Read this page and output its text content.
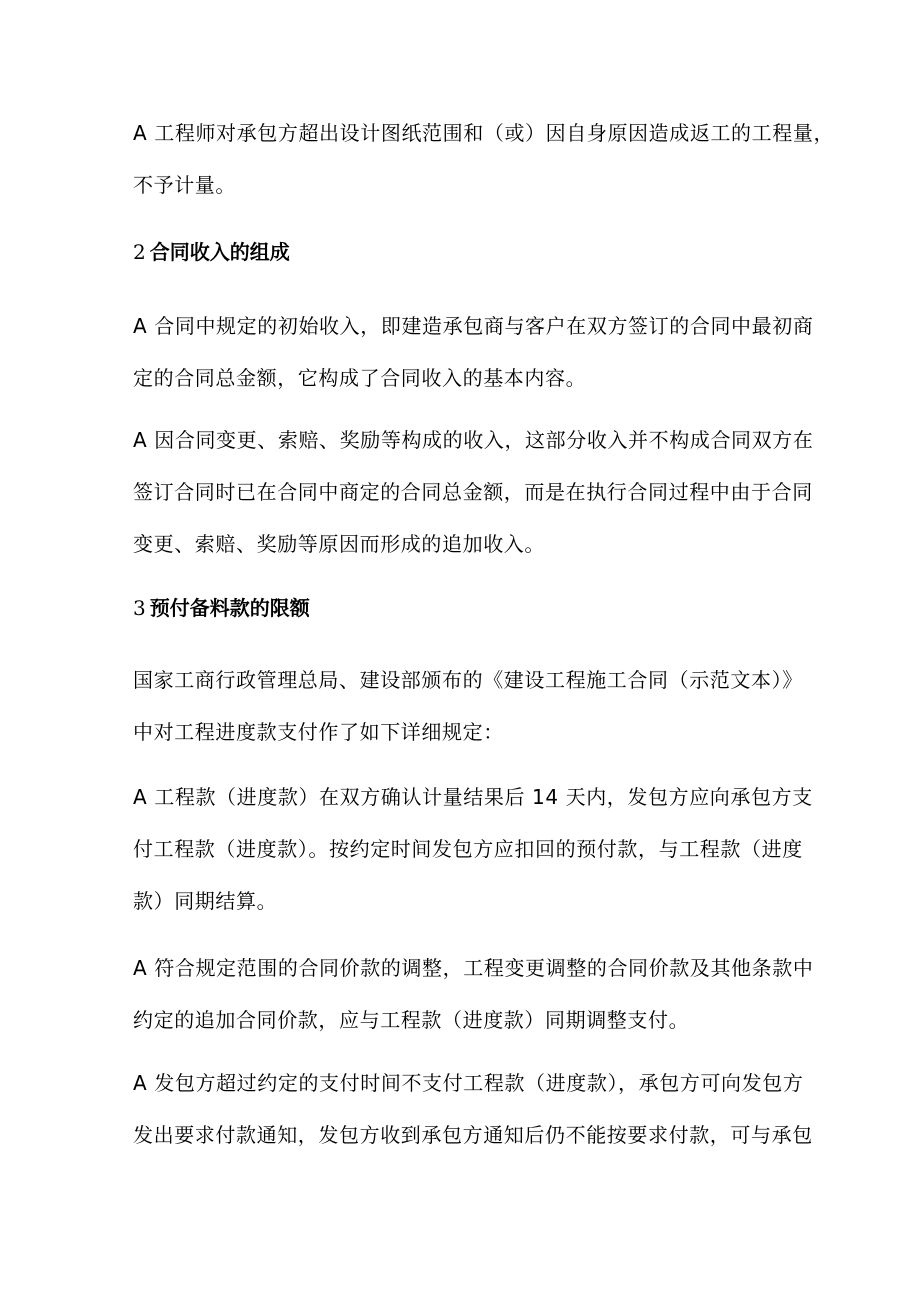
A 工程师对承包方超出设计图纸范围和（或）因自身原因造成返工的工程量，
不予计量。

2 合同收入的组成

A 合同中规定的初始收入，即建造承包商与客户在双方签订的合同中最初商
定的合同总金额，它构成了合同收入的基本内容。

A 因合同变更、索赔、奖励等构成的收入，这部分收入并不构成合同双方在
签订合同时已在合同中商定的合同总金额，而是在执行合同过程中由于合同
变更、索赔、奖励等原因而形成的追加收入。

3 预付备料款的限额

国家工商行政管理总局、建设部颁布的《建设工程施工合同（示范文本）》
中对工程进度款支付作了如下详细规定：

A 工程款（进度款）在双方确认计量结果后 14 天内，发包方应向承包方支
付工程款（进度款）。按约定时间发包方应扣回的预付款，与工程款（进度
款）同期结算。

A 符合规定范围的合同价款的调整，工程变更调整的合同价款及其他条款中
约定的追加合同价款，应与工程款（进度款）同期调整支付。

A 发包方超过约定的支付时间不支付工程款（进度款），承包方可向发包方
发出要求付款通知，发包方收到承包方通知后仍不能按要求付款，可与承包
